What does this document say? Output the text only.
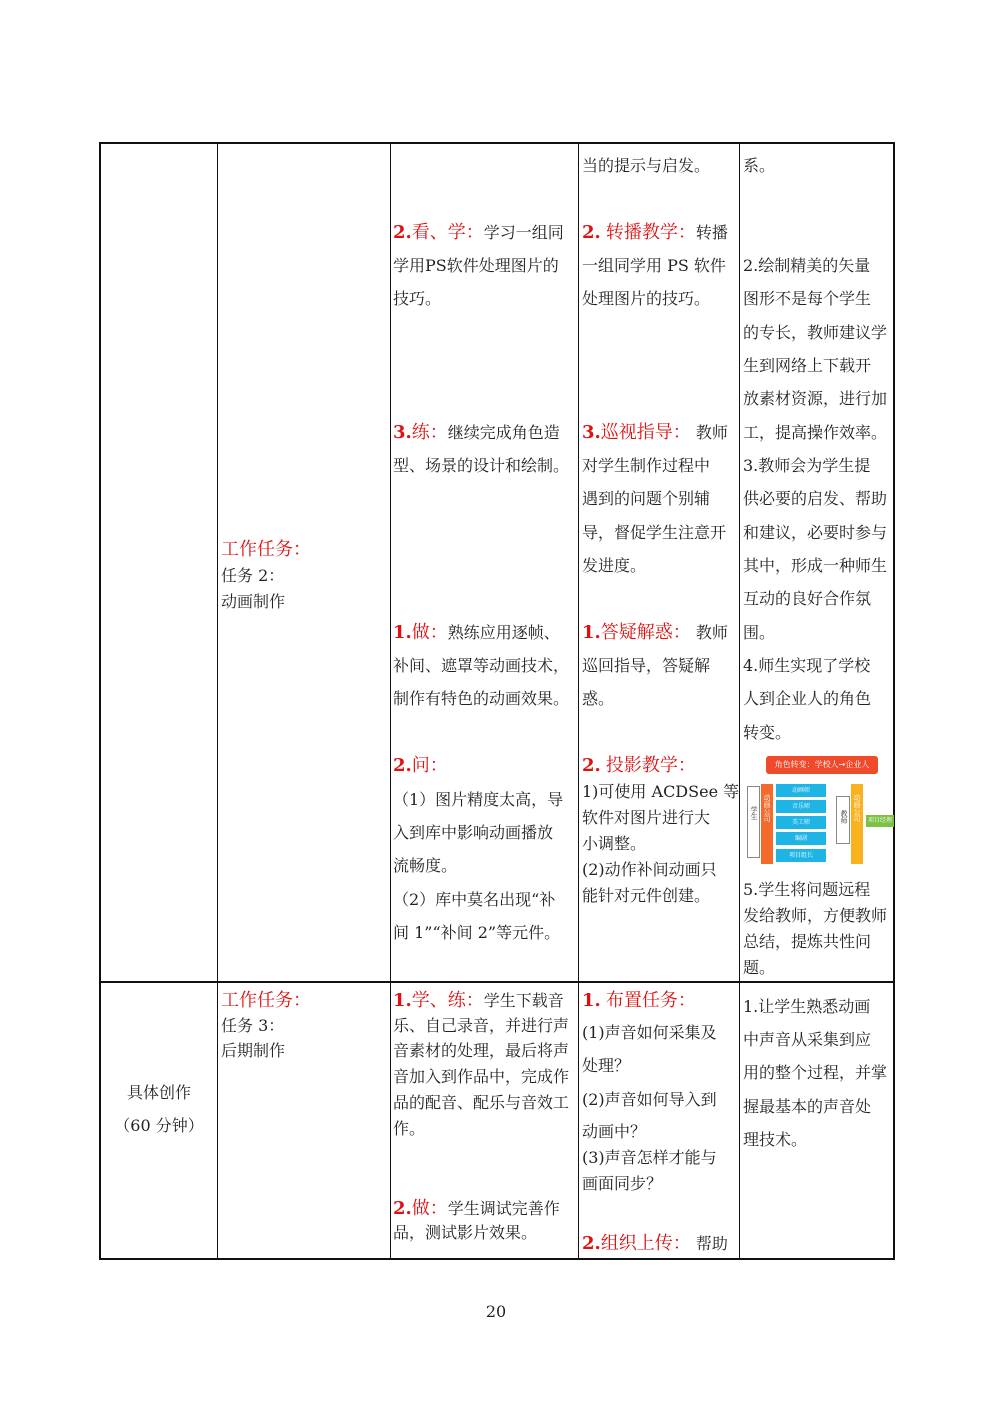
工作任务：
任务 2：
动画制作
2.看、学：学习一组同
学用PS软件处理图片的
技巧。
3.练：继续完成角色造
型、场景的设计和绘制。
1.做：熟练应用逐帧、
补间、遮罩等动画技术，
制作有特色的动画效果。
2.问：
（1）图片精度太高，导
入到库中影响动画播放
流畅度。
（2）库中莫名出现“补
间 1”“补间 2”等元件。
当的提示与启发。
2. 转播教学：转播
一组同学用 PS 软件
处理图片的技巧。
3.巡视指导： 教师
对学生制作过程中
遇到的问题个别辅
导，督促学生注意开
发进度。
1.答疑解惑： 教师
巡回指导，答疑解
惑。
2. 投影教学：
1)可使用 ACDSee 等
软件对图片进行大
小调整。
(2)动作补间动画只
能针对元件创建。
系。
2.绘制精美的矢量
图形不是每个学生
的专长，教师建议学
生到网络上下载开
放素材资源，进行加
工，提高操作效率。
3.教师会为学生提
供必要的启发、帮助
和建议，必要时参与
其中，形成一种师生
互动的良好合作氛
围。
4.师生实现了学校
人到企业人的角色
转变。
角色转变：学校人→企业人
学生 动画公司
动画师
音乐师
美工师
编剧
项目组长
教师 动画公司	项目经理
5.学生将问题远程
发给教师，方便教师
总结，提炼共性问
题。
具体创作
（60 分钟）
工作任务：
任务 3：
后期制作
1.学、练：学生下载音
乐、自己录音，并进行声
音素材的处理，最后将声
音加入到作品中，完成作
品的配音、配乐与音效工
作。
2.做：学生调试完善作
品，测试影片效果。
1. 布置任务：
(1)声音如何采集及
处理？
(2)声音如何导入到
动画中？
(3)声音怎样才能与
画面同步？
2.组织上传： 帮助
1.让学生熟悉动画
中声音从采集到应
用的整个过程，并掌
握最基本的声音处
理技术。
20
